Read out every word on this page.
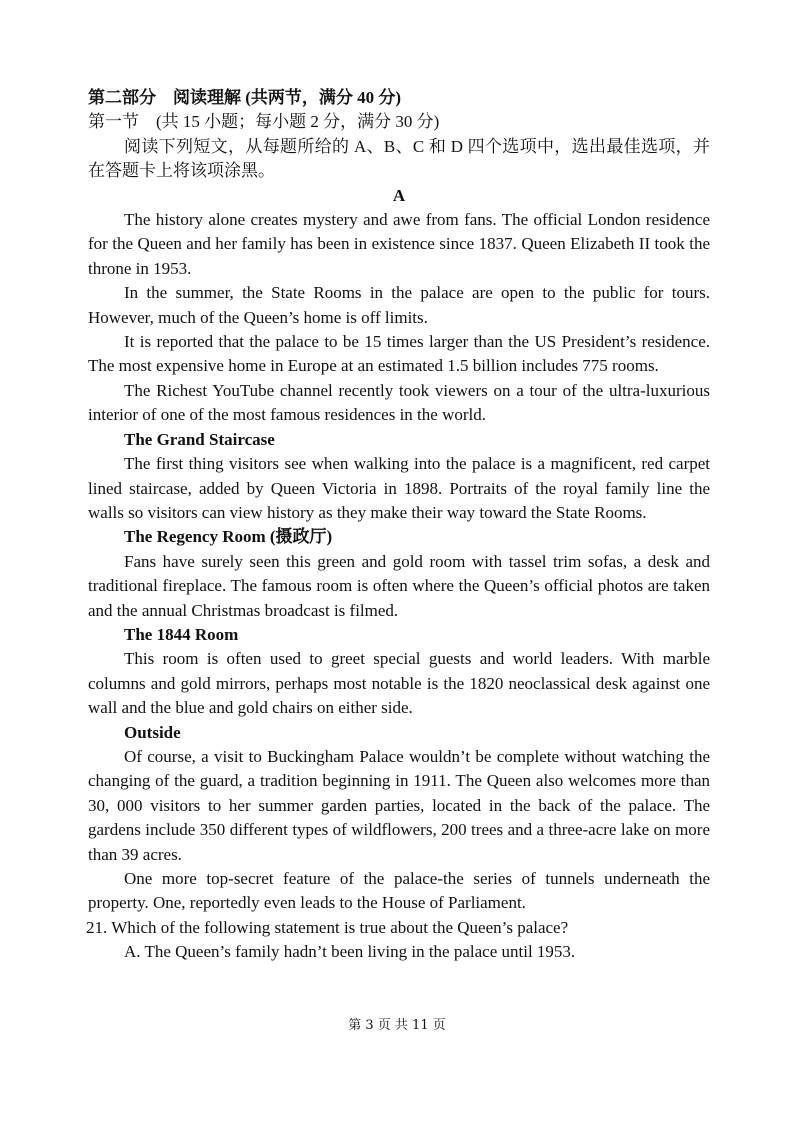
第二部分　阅读理解 (共两节，满分 40 分)
第一节　(共 15 小题；每小题 2 分，满分 30 分)

阅读下列短文，从每题所给的 A、B、C 和 D 四个选项中，选出最佳选项，并在答题卡上将该项涂黑。

A

The history alone creates mystery and awe from fans. The official London residence for the Queen and her family has been in existence since 1837. Queen Elizabeth II took the throne in 1953.

In the summer, the State Rooms in the palace are open to the public for tours. However, much of the Queen’s home is off limits.

It is reported that the palace to be 15 times larger than the US President’s residence. The most expensive home in Europe at an estimated 1.5 billion includes 775 rooms.

The Richest YouTube channel recently took viewers on a tour of the ultra-luxurious interior of one of the most famous residences in the world.

The Grand Staircase

The first thing visitors see when walking into the palace is a magnificent, red carpet lined staircase, added by Queen Victoria in 1898. Portraits of the royal family line the walls so visitors can view history as they make their way toward the State Rooms.

The Regency Room (摄政厅)

Fans have surely seen this green and gold room with tassel trim sofas, a desk and traditional fireplace. The famous room is often where the Queen’s official photos are taken and the annual Christmas broadcast is filmed.

The 1844 Room

This room is often used to greet special guests and world leaders. With marble columns and gold mirrors, perhaps most notable is the 1820 neoclassical desk against one wall and the blue and gold chairs on either side.

Outside

Of course, a visit to Buckingham Palace wouldn’t be complete without watching the changing of the guard, a tradition beginning in 1911. The Queen also welcomes more than 30, 000 visitors to her summer garden parties, located in the back of the palace. The gardens include 350 different types of wildflowers, 200 trees and a three-acre lake on more than 39 acres.

One more top-secret feature of the palace-the series of tunnels underneath the property. One, reportedly even leads to the House of Parliament.

21. Which of the following statement is true about the Queen’s palace?
A. The Queen’s family hadn’t been living in the palace until 1953.
第 3 页 共 11 页
